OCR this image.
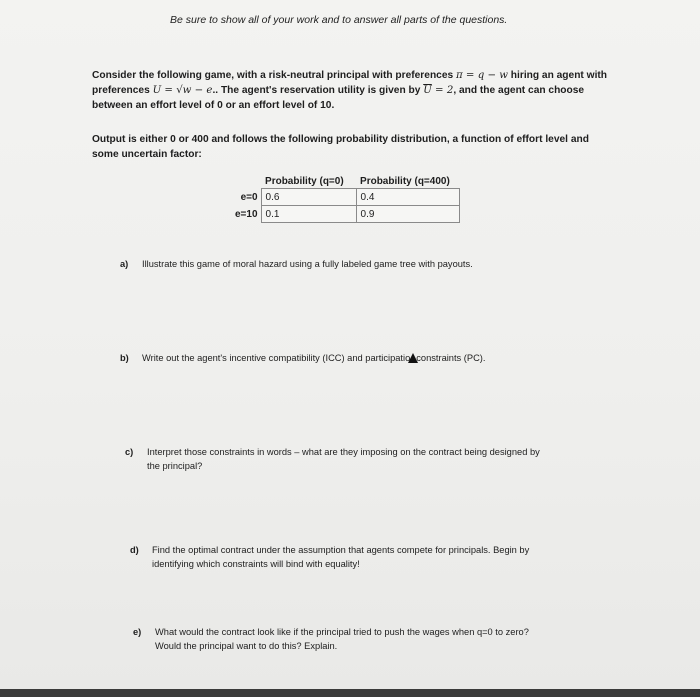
Be sure to show all of your work and to answer all parts of the questions.
Consider the following game, with a risk-neutral principal with preferences π = q − w hiring an agent with preferences U = √w − e.. The agent's reservation utility is given by $\overline{U} = 2$, and the agent can choose between an effort level of 0 or an effort level of 10.
Output is either 0 or 400 and follows the following probability distribution, a function of effort level and some uncertain factor:
	Probability (q=0)	Probability (q=400)
e=0	0.6	0.4
e=10	0.1	0.9
a) Illustrate this game of moral hazard using a fully labeled game tree with payouts.
b) Write out the agent's incentive compatibility (ICC) and participatio constraints (PC).
c) Interpret those constraints in words – what are they imposing on the contract being designed by
the principal?
d) Find the optimal contract under the assumption that agents compete for principals. Begin by
identifying which constraints will bind with equality!
e) What would the contract look like if the principal tried to push the wages when q=0 to zero?
Would the principal want to do this? Explain.
